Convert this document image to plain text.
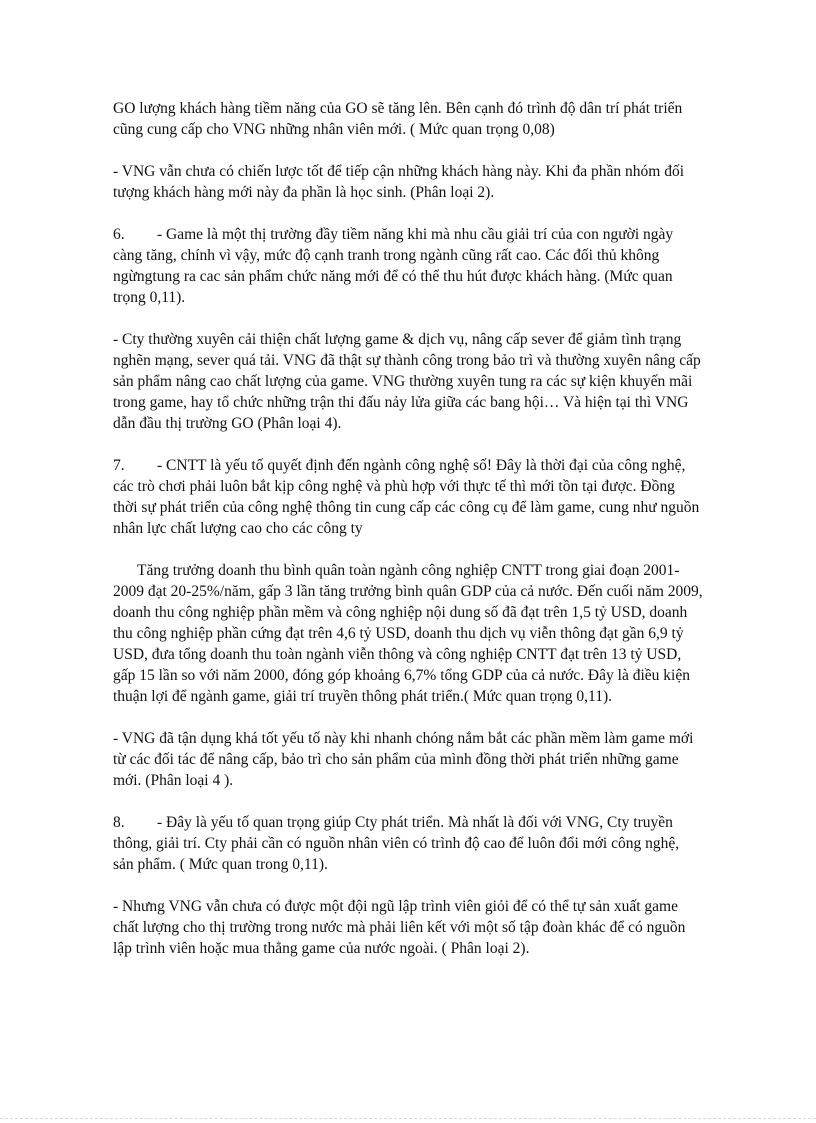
GO lượng khách hàng tiềm năng của GO sẽ tăng lên. Bên cạnh đó trình độ dân trí phát triển cũng cung cấp cho VNG những nhân viên mới. ( Mức quan trọng 0,08)

- VNG vẫn chưa có chiến lược tốt để tiếp cận những khách hàng này. Khi đa phần nhóm đối tượng khách hàng mới này đa phần là học sinh. (Phân loại 2).

6. - Game là một thị trường đầy tiềm năng khi mà nhu cầu giải trí của con người ngày càng tăng, chính vì vậy, mức độ cạnh tranh trong ngành cũng rất cao. Các đối thủ không ngừngtung ra cac sản phẩm chức năng mới để có thể thu hút được khách hàng. (Mức quan trọng 0,11).

- Cty thường xuyên cải thiện chất lượng game & dịch vụ, nâng cấp sever để giảm tình trạng nghẽn mạng, sever quá tải. VNG đã thật sự thành công trong bảo trì và thường xuyên nâng cấp sản phẩm nâng cao chất lượng của game. VNG thường xuyên tung ra các sự kiện khuyến mãi trong game, hay tổ chức những trận thi đấu nảy lửa giữa các bang hội… Và hiện tại thì VNG dẫn đầu thị trường GO (Phân loại 4).

7. - CNTT là yếu tố quyết định đến ngành công nghệ số! Đây là thời đại của công nghệ, các trò chơi phải luôn bắt kịp công nghệ và phù hợp với thực tế thì mới tồn tại được. Đồng thời sự phát triển của công nghệ thông tin cung cấp các công cụ để làm game, cung như nguồn nhân lực chất lượng cao cho các công ty

Tăng trưởng doanh thu bình quân toàn ngành công nghiệp CNTT trong giai đoạn 2001-2009 đạt 20-25%/năm, gấp 3 lần tăng trưởng bình quân GDP của cả nước. Đến cuối năm 2009, doanh thu công nghiệp phần mềm và công nghiệp nội dung số đã đạt trên 1,5 tỷ USD, doanh thu công nghiệp phần cứng đạt trên 4,6 tỷ USD, doanh thu dịch vụ viễn thông đạt gần 6,9 tỷ USD, đưa tổng doanh thu toàn ngành viễn thông và công nghiệp CNTT đạt trên 13 tỷ USD, gấp 15 lần so với năm 2000, đóng góp khoảng 6,7% tổng GDP của cả nước. Đây là điều kiện thuận lợi để ngành game, giải trí truyền thông phát triển.( Mức quan trọng 0,11).

- VNG đã tận dụng khá tốt yếu tố này khi nhanh chóng nắm bắt các phần mềm làm game mới từ các đối tác để nâng cấp, bảo trì cho sản phẩm của mình đồng thời phát triển những game mới. (Phân loại 4 ).

8. - Đây là yếu tố quan trọng giúp Cty phát triển. Mà nhất là đối với VNG, Cty truyền thông, giải trí. Cty phải cần có nguồn nhân viên có trình độ cao để luôn đổi mới công nghệ, sản phẩm. ( Mức quan trong 0,11).

- Nhưng VNG vẫn chưa có được một đội ngũ lập trình viên giỏi để có thể tự sản xuất game chất lượng cho thị trường trong nước mà phải liên kết với một số tập đoàn khác để có nguồn lập trình viên hoặc mua thẳng game của nước ngoài. ( Phân loại 2).
